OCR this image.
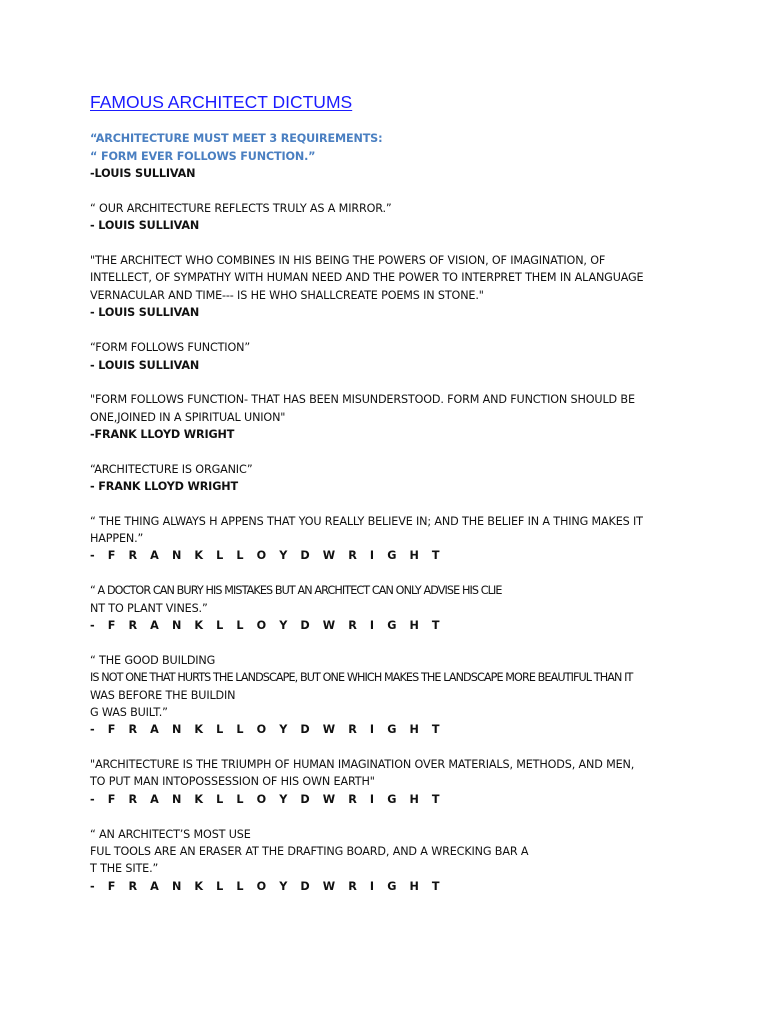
FAMOUS ARCHITECT DICTUMS
“ARCHITECTURE MUST MEET 3 REQUIREMENTS:
“ FORM EVER FOLLOWS FUNCTION.”
-LOUIS SULLIVAN
“ OUR ARCHITECTURE REFLECTS TRULY AS A MIRROR.”
- LOUIS SULLIVAN
"THE ARCHITECT WHO COMBINES IN HIS BEING THE POWERS OF VISION, OF IMAGINATION, OF
INTELLECT, OF SYMPATHY WITH HUMAN NEED AND THE POWER TO INTERPRET THEM IN ALANGUAGE
VERNACULAR AND TIME--- IS HE WHO SHALLCREATE POEMS IN STONE."
- LOUIS SULLIVAN
“FORM FOLLOWS FUNCTION”
- LOUIS SULLIVAN
"FORM FOLLOWS FUNCTION- THAT HAS BEEN MISUNDERSTOOD. FORM AND FUNCTION SHOULD BE
ONE,JOINED IN A SPIRITUAL UNION"
-FRANK LLOYD WRIGHT
“ARCHITECTURE IS ORGANIC”
- FRANK LLOYD WRIGHT
“ THE THING ALWAYS H APPENS THAT YOU REALLY BELIEVE IN; AND THE BELIEF IN A THING MAKES IT
HAPPEN.”
- F R A N K L L O Y D W R I G H T
“ A DOCTOR CAN BURY HIS MISTAKES BUT AN ARCHITECT CAN ONLY ADVISE HIS CLIE
NT TO PLANT VINES.”
- F R A N K L L O Y D W R I G H T
“ THE GOOD BUILDING
IS NOT ONE THAT HURTS THE LANDSCAPE, BUT ONE WHICH MAKES THE LANDSCAPE MORE BEAUTIFUL THAN IT
WAS BEFORE THE BUILDIN
G WAS BUILT.”
- F R A N K L L O Y D W R I G H T
"ARCHITECTURE IS THE TRIUMPH OF HUMAN IMAGINATION OVER MATERIALS, METHODS, AND MEN,
TO PUT MAN INTOPOSSESSION OF HIS OWN EARTH"
- F R A N K L L O Y D W R I G H T
“ AN ARCHITECT’S MOST USE
FUL TOOLS ARE AN ERASER AT THE DRAFTING BOARD, AND A WRECKING BAR A
T THE SITE.”
- F R A N K L L O Y D W R I G H T
